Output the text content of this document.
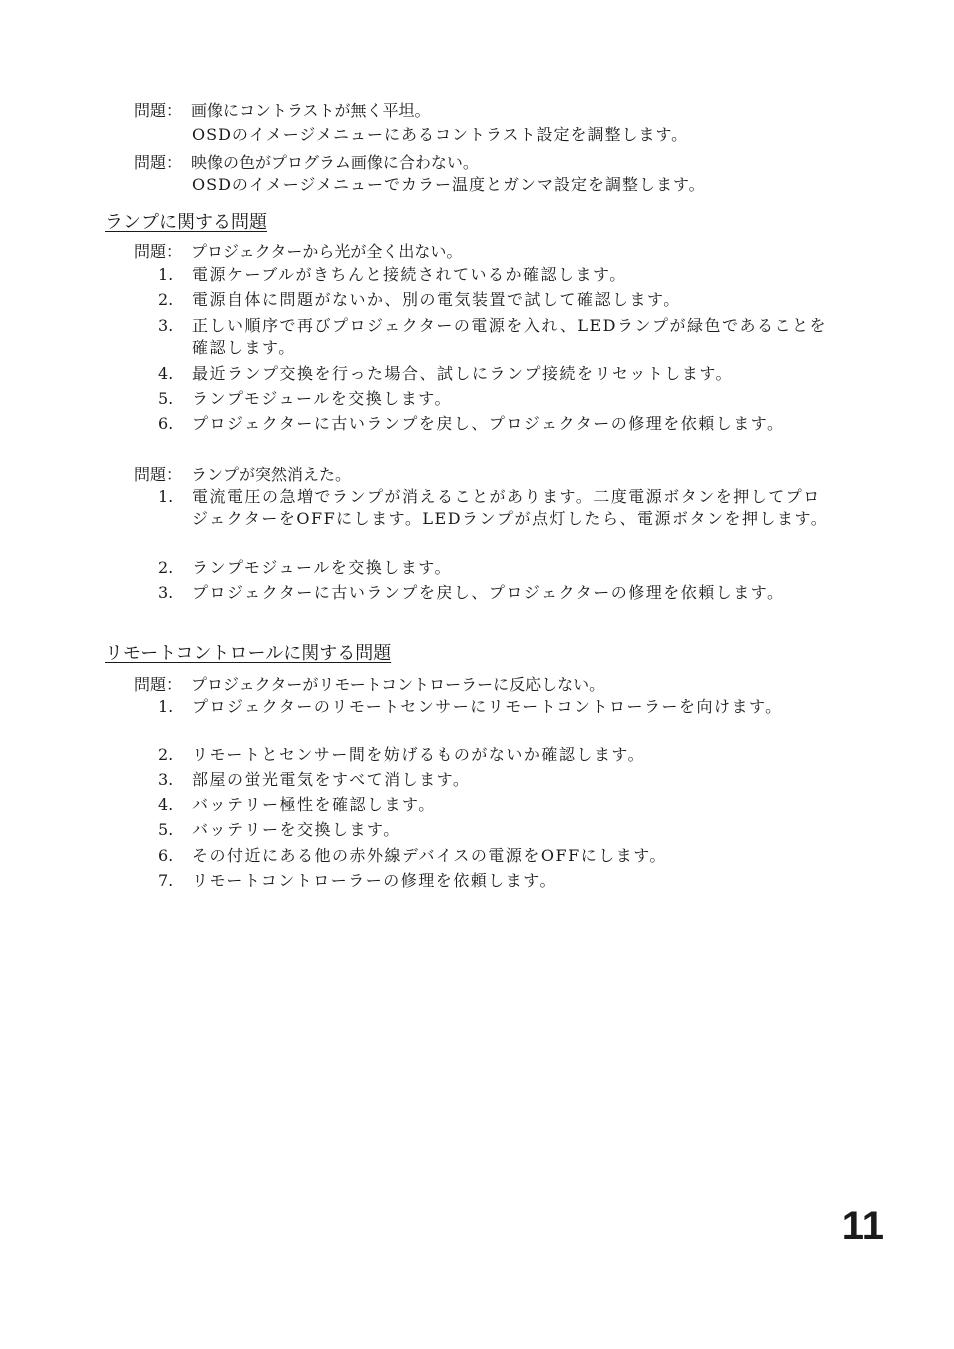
問題： 画像にコントラストが無く平坦。
OSDのイメージメニューにあるコントラスト設定を調整します。
問題： 映像の色がプログラム画像に合わない。
OSDのイメージメニューでカラー温度とガンマ設定を調整します。
ランプに関する問題
問題： プロジェクターから光が全く出ない。
1.	電源ケーブルがきちんと接続されているか確認します。
2.	電源自体に問題がないか、別の電気装置で試して確認します。
3.	正しい順序で再びプロジェクターの電源を入れ、LEDランプが緑色であることを確認します。
4.	最近ランプ交換を行った場合、試しにランプ接続をリセットします。
5.	ランプモジュールを交換します。
6.	プロジェクターに古いランプを戻し、プロジェクターの修理を依頼します。
問題： ランプが突然消えた。
1.	電流電圧の急増でランプが消えることがあります。二度電源ボタンを押してプロジェクターをOFFにします。LEDランプが点灯したら、電源ボタンを押します。
2.	ランプモジュールを交換します。
3.	プロジェクターに古いランプを戻し、プロジェクターの修理を依頼します。
リモートコントロールに関する問題
問題： プロジェクターがリモートコントローラーに反応しない。
1.	プロジェクターのリモートセンサーにリモートコントローラーを向けます。
2.	リモートとセンサー間を妨げるものがないか確認します。
3.	部屋の蛍光電気をすべて消します。
4.	バッテリー極性を確認します。
5.	バッテリーを交換します。
6.	その付近にある他の赤外線デバイスの電源をOFFにします。
7.	リモートコントローラーの修理を依頼します。
11
